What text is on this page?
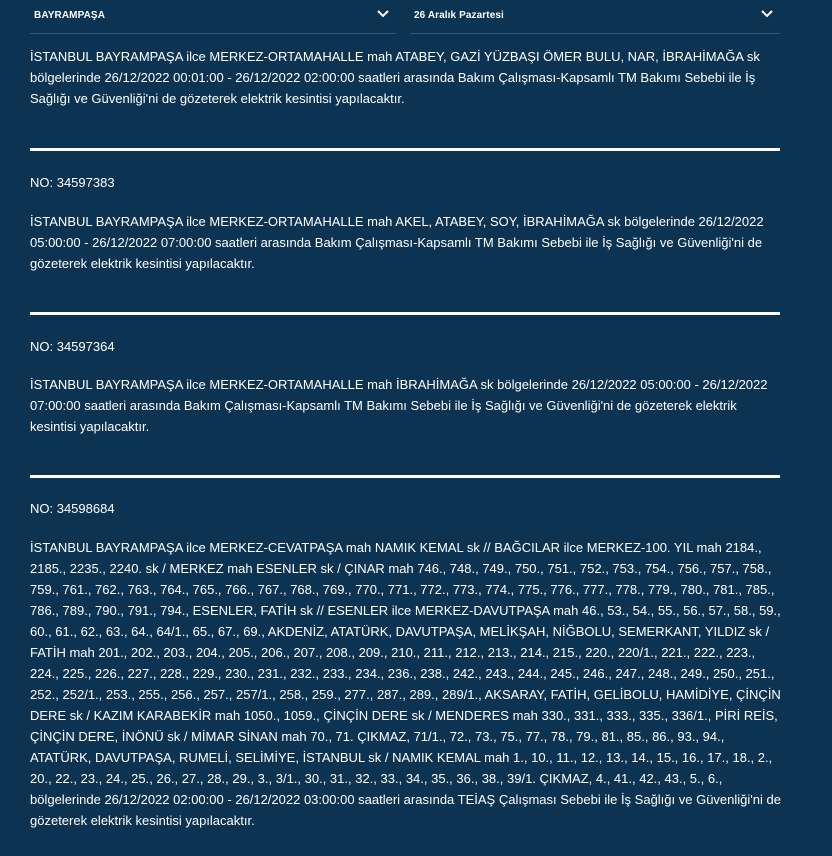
BAYRAMPAŞA	26 Aralık Pazartesi

İSTANBUL BAYRAMPAŞA ilce MERKEZ-ORTAMAHALLE mah ATABEY, GAZİ YÜZBAŞI ÖMER BULU, NAR, İBRAHİMAĞA sk bölgelerinde 26/12/2022 00:01:00 - 26/12/2022 02:00:00 saatleri arasında Bakım Çalışması-Kapsamlı TM Bakımı Sebebi ile İş Sağlığı ve Güvenliği'ni de gözeterek elektrik kesintisi yapılacaktır.

NO: 34597383

İSTANBUL BAYRAMPAŞA ilce MERKEZ-ORTAMAHALLE mah AKEL, ATABEY, SOY, İBRAHİMAĞA sk bölgelerinde 26/12/2022 05:00:00 - 26/12/2022 07:00:00 saatleri arasında Bakım Çalışması-Kapsamlı TM Bakımı Sebebi ile İş Sağlığı ve Güvenliği'ni de gözeterek elektrik kesintisi yapılacaktır.

NO: 34597364

İSTANBUL BAYRAMPAŞA ilce MERKEZ-ORTAMAHALLE mah İBRAHİMAĞA sk bölgelerinde 26/12/2022 05:00:00 - 26/12/2022 07:00:00 saatleri arasında Bakım Çalışması-Kapsamlı TM Bakımı Sebebi ile İş Sağlığı ve Güvenliği'ni de gözeterek elektrik kesintisi yapılacaktır.

NO: 34598684

İSTANBUL BAYRAMPAŞA ilce MERKEZ-CEVATPAŞA mah NAMIK KEMAL sk // BAĞCILAR ilce MERKEZ-100. YIL mah 2184., 2185., 2235., 2240. sk / MERKEZ mah ESENLER sk / ÇINAR mah 746., 748., 749., 750., 751., 752., 753., 754., 756., 757., 758., 759., 761., 762., 763., 764., 765., 766., 767., 768., 769., 770., 771., 772., 773., 774., 775., 776., 777., 778., 779., 780., 781., 785., 786., 789., 790., 791., 794., ESENLER, FATİH sk // ESENLER ilce MERKEZ-DAVUTPAŞA mah 46., 53., 54., 55., 56., 57., 58., 59., 60., 61., 62., 63., 64., 64/1., 65., 67., 69., AKDENİZ, ATATÜRK, DAVUTPAŞA, MELİKŞAH, NİĞBOLU, SEMERKANT, YILDIZ sk / FATİH mah 201., 202., 203., 204., 205., 206., 207., 208., 209., 210., 211., 212., 213., 214., 215., 220., 220/1., 221., 222., 223., 224., 225., 226., 227., 228., 229., 230., 231., 232., 233., 234., 236., 238., 242., 243., 244., 245., 246., 247., 248., 249., 250., 251., 252., 252/1., 253., 255., 256., 257., 257/1., 258., 259., 277., 287., 289., 289/1., AKSARAY, FATİH, GELİBOLU, HAMİDİYE, ÇİNÇİN DERE sk / KAZIM KARABEKİR mah 1050., 1059., ÇİNÇİN DERE sk / MENDERES mah 330., 331., 333., 335., 336/1., PİRİ REİS, ÇİNÇİN DERE, İNÖNÜ sk / MİMAR SİNAN mah 70., 71. ÇIKMAZ, 71/1., 72., 73., 75., 77., 78., 79., 81., 85., 86., 93., 94., ATATÜRK, DAVUTPAŞA, RUMELİ, SELİMİYE, İSTANBUL sk / NAMIK KEMAL mah 1., 10., 11., 12., 13., 14., 15., 16., 17., 18., 2., 20., 22., 23., 24., 25., 26., 27., 28., 29., 3., 3/1., 30., 31., 32., 33., 34., 35., 36., 38., 39/1. ÇIKMAZ, 4., 41., 42., 43., 5., 6., bölgelerinde 26/12/2022 02:00:00 - 26/12/2022 03:00:00 saatleri arasında TEİAŞ Çalışması Sebebi ile İş Sağlığı ve Güvenliği'ni de gözeterek elektrik kesintisi yapılacaktır.
